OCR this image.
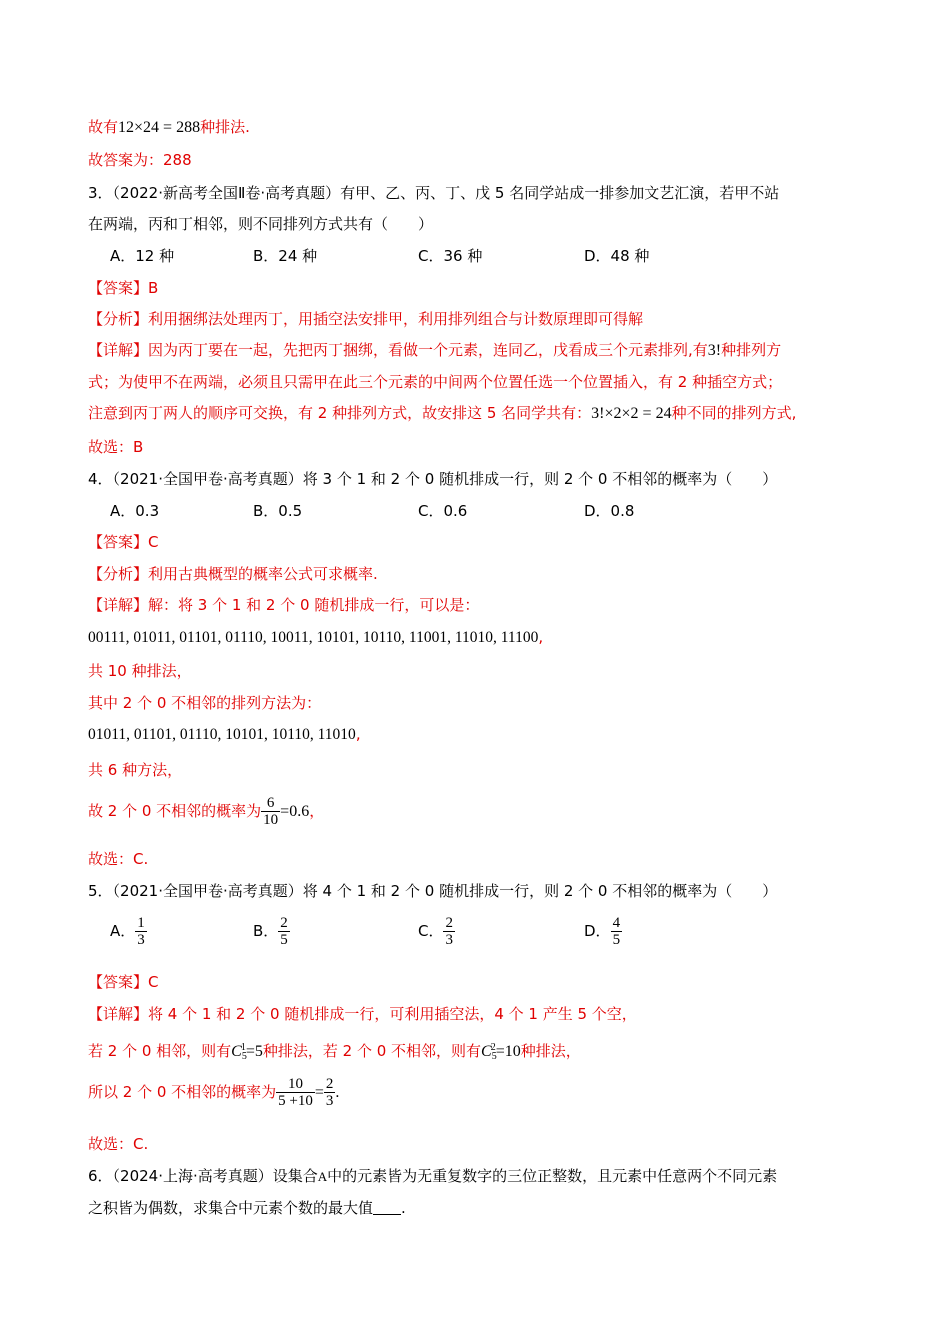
故有12×24 = 288种排法.
故答案为：288
3．（2022·新高考全国Ⅱ卷·高考真题）有甲、乙、丙、丁、戊 5 名同学站成一排参加文艺汇演，若甲不站
在两端，丙和丁相邻，则不同排列方式共有（　　）
A．12 种	B．24 种	C．36 种	D．48 种
【答案】B
【分析】利用捆绑法处理丙丁，用插空法安排甲，利用排列组合与计数原理即可得解
【详解】因为丙丁要在一起，先把丙丁捆绑，看做一个元素，连同乙，戊看成三个元素排列,有3!种排列方
式；为使甲不在两端，必须且只需甲在此三个元素的中间两个位置任选一个位置插入，有 2 种插空方式；
注意到丙丁两人的顺序可交换，有 2 种排列方式，故安排这 5 名同学共有：3!×2×2 = 24种不同的排列方式,
故选：B
4．（2021·全国甲卷·高考真题）将 3 个 1 和 2 个 0 随机排成一行，则 2 个 0 不相邻的概率为（　　）
A．0.3	B．0.5	C．0.6	D．0.8
【答案】C
【分析】利用古典概型的概率公式可求概率.
【详解】解：将 3 个 1 和 2 个 0 随机排成一行，可以是：
00111, 01011, 01101, 01110, 10011, 10101, 10110, 11001, 11010, 11100,
共 10 种排法，
其中 2 个 0 不相邻的排列方法为：
01011, 01101, 01110, 10101, 10110, 11010,
共 6 种方法，
故 2 个 0 不相邻的概率为 $\frac{6}{10} =0.6$，
故选：C.
5．（2021·全国甲卷·高考真题）将 4 个 1 和 2 个 0 随机排成一行，则 2 个 0 不相邻的概率为（　　）
A． $\frac{1}{3}$	B． $\frac{2}{5}$	C． $\frac{2}{3}$	D． $\frac{4}{5}$
【答案】C
【详解】将 4 个 1 和 2 个 0 随机排成一行，可利用插空法，4 个 1 产生 5 个空，
若 2 个 0 相邻，则有$C_5^1=5$种排法，若 2 个 0 不相邻，则有$C_5^2=10$种排法，
所以 2 个 0 不相邻的概率为 $\frac{10}{5 +10} = \frac{2}{3}$ .
故选：C.
6．（2024·上海·高考真题）设集合A中的元素皆为无重复数字的三位正整数，且元素中任意两个不同元素
之积皆为偶数，求集合中元素个数的最大值 .
